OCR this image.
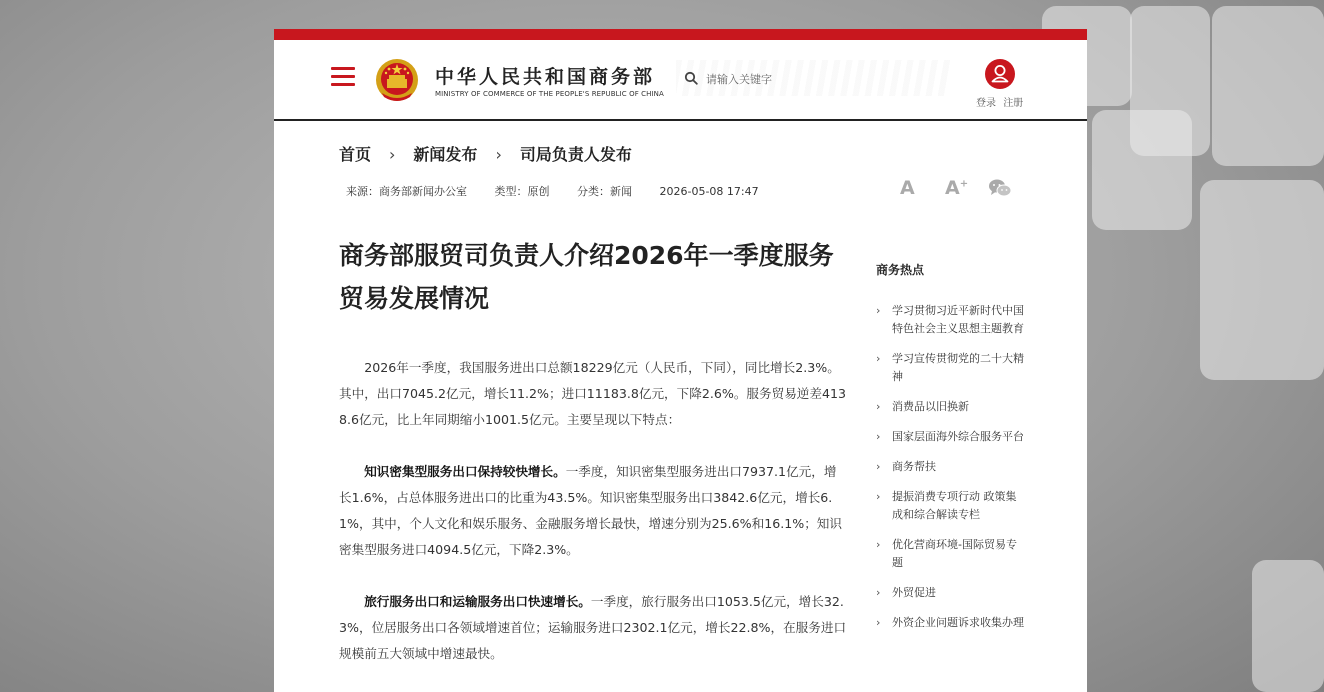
中华人民共和国商务部
MINISTRY OF COMMERCE OF THE PEOPLE'S REPUBLIC OF CHINA
请输入关键字
登录 注册
首页 › 新闻发布 › 司局负责人发布
来源：商务部新闻办公室	类型：原创	分类：新闻	2026-05-08 17:47	A A+
商务部服贸司负责人介绍2026年一季度服务贸易发展情况

2026年一季度，我国服务进出口总额18229亿元（人民币，下同），同比增长2.3%。其中，出口7045.2亿元，增长11.2%；进口11183.8亿元，下降2.6%。服务贸易逆差4138.6亿元，比上年同期缩小1001.5亿元。主要呈现以下特点：

知识密集型服务出口保持较快增长。一季度，知识密集型服务进出口7937.1亿元，增长1.6%，占总体服务进出口的比重为43.5%。知识密集型服务出口3842.6亿元，增长6.1%，其中，个人文化和娱乐服务、金融服务增长最快，增速分别为25.6%和16.1%；知识密集型服务进口4094.5亿元，下降2.3%。

旅行服务出口和运输服务出口快速增长。一季度，旅行服务出口1053.5亿元，增长32.3%，位居服务出口各领域增速首位；运输服务进口2302.1亿元，增长22.8%，在服务进口规模前五大领域中增速最快。

商务热点
› 学习贯彻习近平新时代中国特色社会主义思想主题教育
› 学习宣传贯彻党的二十大精神
› 消费品以旧换新
› 国家层面海外综合服务平台
› 商务帮扶
› 提振消费专项行动 政策集成和综合解读专栏
› 优化营商环境-国际贸易专题
› 外贸促进
› 外资企业问题诉求收集办理
